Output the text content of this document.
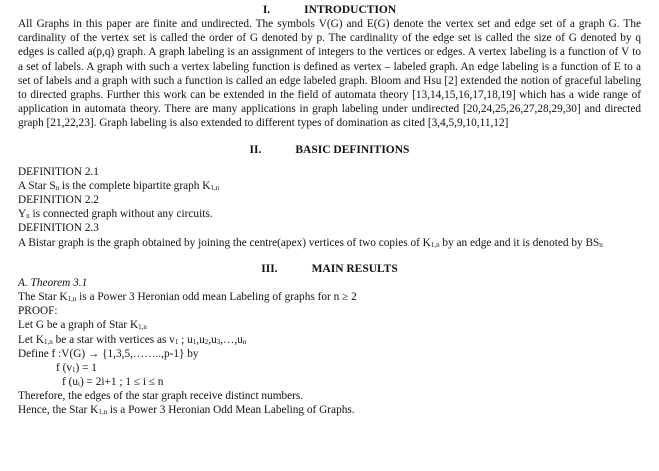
I.	INTRODUCTION

All Graphs in this paper are finite and undirected. The symbols V(G) and E(G) denote the vertex set and edge set of a graph G. The cardinality of the vertex set is called the order of G denoted by p. The cardinality of the edge set is called the size of G denoted by q edges is called a(p,q) graph. A graph labeling is an assignment of integers to the vertices or edges. A vertex labeling is a function of V to a set of labels. A graph with such a vertex labeling function is defined as vertex – labeled graph. An edge labeling is a function of E to a set of labels and a graph with such a function is called an edge labeled graph. Bloom and Hsu [2] extended the notion of graceful labeling to directed graphs. Further this work can be extended in the field of automata theory [13,14,15,16,17,18,19] which has a wide range of application in automata theory. There are many applications in graph labeling under undirected [20,24,25,26,27,28,29,30] and directed graph [21,22,23]. Graph labeling is also extended to different types of domination as cited [3,4,5,9,10,11,12]

II.	BASIC DEFINITIONS
DEFINITION 2.1
A Star $S_n$ is the complete bipartite graph $K_{1,n}$
DEFINITION 2.2
$Y_n$ is connected graph without any circuits.
DEFINITION 2.3
A Bistar graph is the graph obtained by joining the centre(apex) vertices of two copies of $K_{1,n}$ by an edge and it is denoted by $BS_n$
III.	MAIN RESULTS
A. Theorem 3.1
The Star $K_{1,n}$ is a Power 3 Heronian odd mean Labeling of graphs for n ≥ 2
PROOF:
Let G be a graph of Star $K_{1,n}$
Let $K_{1,n}$ be a star with vertices as $v_1$ ; $u_1,u_2,u_3,\dots,u_n$
Define f :V(G) → {1,3,5,……..,p-1} by
f $(v_1) = 1$
f $(u_i) = 2i+1$ ; 1 ≤ i ≤ n
Therefore, the edges of the star graph receive distinct numbers.
Hence, the Star $K_{1,n}$ is a Power 3 Heronian Odd Mean Labeling of Graphs.
